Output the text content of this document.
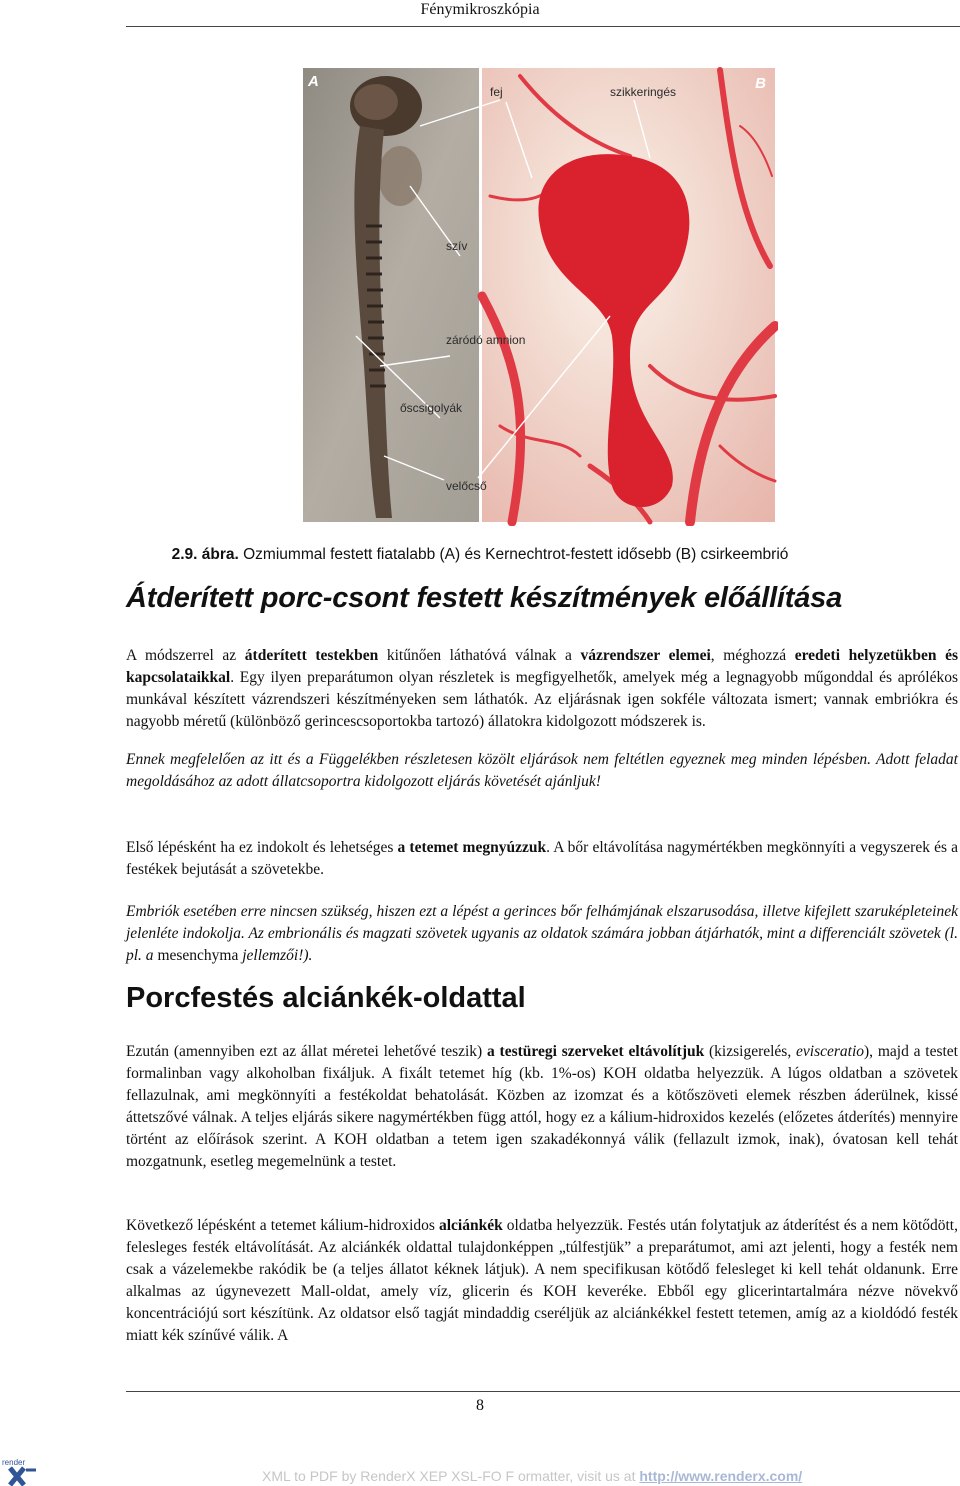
Fénymikroszkópia
A	B
fej	szikkeringés
szív
záródó amnion
őscsigolyák
velőcső
2.9. ábra. Ozmiummal festett fiatalabb (A) és Kernechtrot-festett idősebb (B) csirkeembrió
Átderített porc-csont festett készítmények előállítása
A módszerrel az átderített testekben kitűnően láthatóvá válnak a vázrendszer elemei, méghozzá eredeti helyzetükben és kapcsolataikkal. Egy ilyen preparátumon olyan részletek is megfigyelhetők, amelyek még a legnagyobb műgonddal és aprólékos munkával készített vázrendszeri készítményeken sem láthatók. Az eljárásnak igen sokféle változata ismert; vannak embriókra és nagyobb méretű (különböző gerincescsoportokba tartozó) állatokra kidolgozott módszerek is.
Ennek megfelelően az itt és a Függelékben részletesen közölt eljárások nem feltétlen egyeznek meg minden lépésben. Adott feladat megoldásához az adott állatcsoportra kidolgozott eljárás követését ajánljuk!
Első lépésként ha ez indokolt és lehetséges a tetemet megnyúzzuk. A bőr eltávolítása nagymértékben megkönnyíti a vegyszerek és a festékek bejutását a szövetekbe.
Embriók esetében erre nincsen szükség, hiszen ezt a lépést a gerinces bőr felhámjának elszarusodása, illetve kifejlett szaruképleteinek jelenléte indokolja. Az embrionális és magzati szövetek ugyanis az oldatok számára jobban átjárhatók, mint a differenciált szövetek (l. pl. a mesenchyma jellemzői!).
Porcfestés alciánkék-oldattal
Ezután (amennyiben ezt az állat méretei lehetővé teszik) a testüregi szerveket eltávolítjuk (kizsigerelés, evisceratio), majd a testet formalinban vagy alkoholban fixáljuk. A fixált tetemet híg (kb. 1%-os) KOH oldatba helyezzük. A lúgos oldatban a szövetek fellazulnak, ami megkönnyíti a festékoldat behatolását. Közben az izomzat és a kötőszöveti elemek részben áderülnek, kissé áttetszővé válnak. A teljes eljárás sikere nagymértékben függ attól, hogy ez a kálium-hidroxidos kezelés (előzetes átderítés) mennyire történt az előírások szerint. A KOH oldatban a tetem igen szakadékonnyá válik (fellazult izmok, inak), óvatosan kell tehát mozgatnunk, esetleg megemelnünk a testet.
Következő lépésként a tetemet kálium-hidroxidos alciánkék oldatba helyezzük. Festés után folytatjuk az átderítést és a nem kötődött, felesleges festék eltávolítását. Az alciánkék oldattal tulajdonképpen „túlfestjük” a preparátumot, ami azt jelenti, hogy a festék nem csak a vázelemekbe rakódik be (a teljes állatot kéknek látjuk). A nem specifikusan kötődő felesleget ki kell tehát oldanunk. Erre alkalmas az úgynevezett Mall-oldat, amely víz, glicerin és KOH keveréke. Ebből egy glicerintartalmára nézve növekvő koncentrációjú sort készítünk. Az oldatsor első tagját mindaddig cseréljük az alciánkékkel festett tetemen, amíg az a kioldódó festék miatt kék színűvé válik. A
8
render
XML to PDF by RenderX XEP XSL-FO F ormatter, visit us at http://www.renderx.com/
